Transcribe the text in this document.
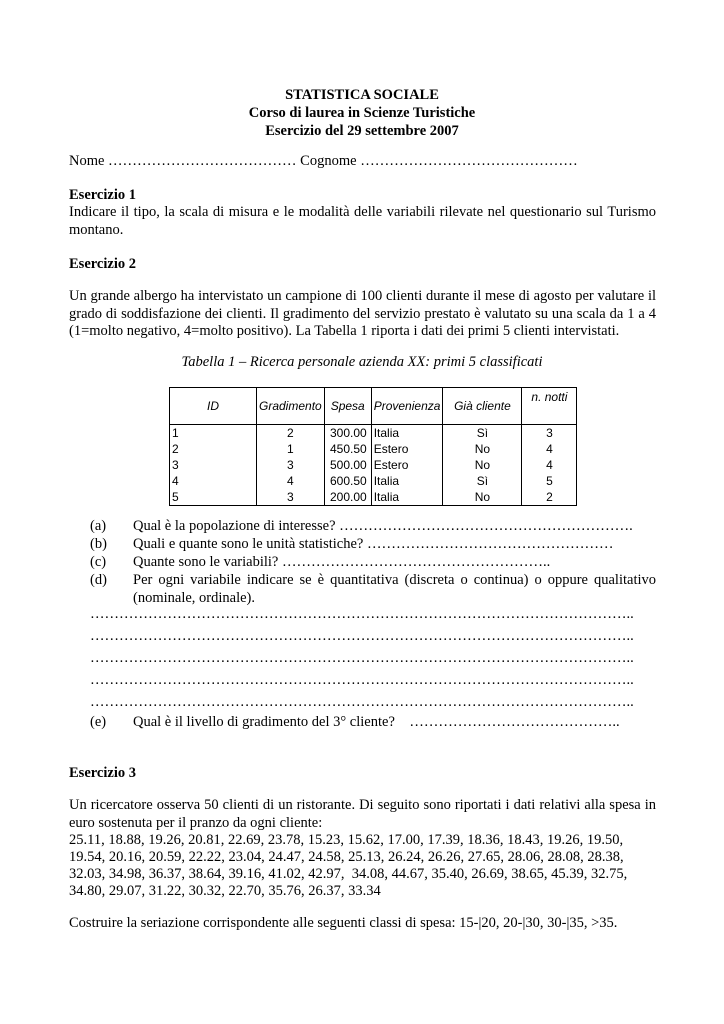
STATISTICA SOCIALE
Corso di laurea in Scienze Turistiche
Esercizio del 29 settembre 2007
Nome ………………………………… Cognome ………………………………………
Esercizio 1
Indicare il tipo, la scala di misura e le modalità delle variabili rilevate nel questionario sul Turismo montano.
Esercizio 2
Un grande albergo ha intervistato un campione di 100 clienti durante il mese di agosto per valutare il grado di soddisfazione dei clienti. Il gradimento del servizio prestato è valutato su una scala da 1 a 4 (1=molto negativo, 4=molto positivo). La Tabella 1 riporta i dati dei primi 5 clienti intervistati.
Tabella 1 – Ricerca personale azienda XX: primi 5 classificati
ID	Gradimento	Spesa	Provenienza	Già cliente	n. notti
1	2	300.00	Italia	Sì	3
2	1	450.50	Estero	No	4
3	3	500.00	Estero	No	4
4	4	600.50	Italia	Sì	5
5	3	200.00	Italia	No	2
(a) Qual è la popolazione di interesse? …………………………………………………….
(b) Quali e quante sono le unità statistiche? ……………………………………………
(c) Quante sono le variabili? ………………………………………………..
(d) Per ogni variabile indicare se è quantitativa (discreta o continua) o oppure qualitativo (nominale, ordinale).
…………………………………………………………………………………………………..
…………………………………………………………………………………………………..
…………………………………………………………………………………………………..
…………………………………………………………………………………………………..
…………………………………………………………………………………………………..
(e) Qual è il livello di gradimento del 3° cliente?    ……………………………………..
Esercizio 3
Un ricercatore osserva 50 clienti di un ristorante. Di seguito sono riportati i dati relativi alla spesa in euro sostenuta per il pranzo da ogni cliente:
25.11, 18.88, 19.26, 20.81, 22.69, 23.78, 15.23, 15.62, 17.00, 17.39, 18.36, 18.43, 19.26, 19.50,
19.54, 20.16, 20.59, 22.22, 23.04, 24.47, 24.58, 25.13, 26.24, 26.26, 27.65, 28.06, 28.08, 28.38,
32.03, 34.98, 36.37, 38.64, 39.16, 41.02, 42.97,  34.08, 44.67, 35.40, 26.69, 38.65, 45.39, 32.75,
34.80, 29.07, 31.22, 30.32, 22.70, 35.76, 26.37, 33.34
Costruire la seriazione corrispondente alle seguenti classi di spesa: 15-|20, 20-|30, 30-|35, >35.
